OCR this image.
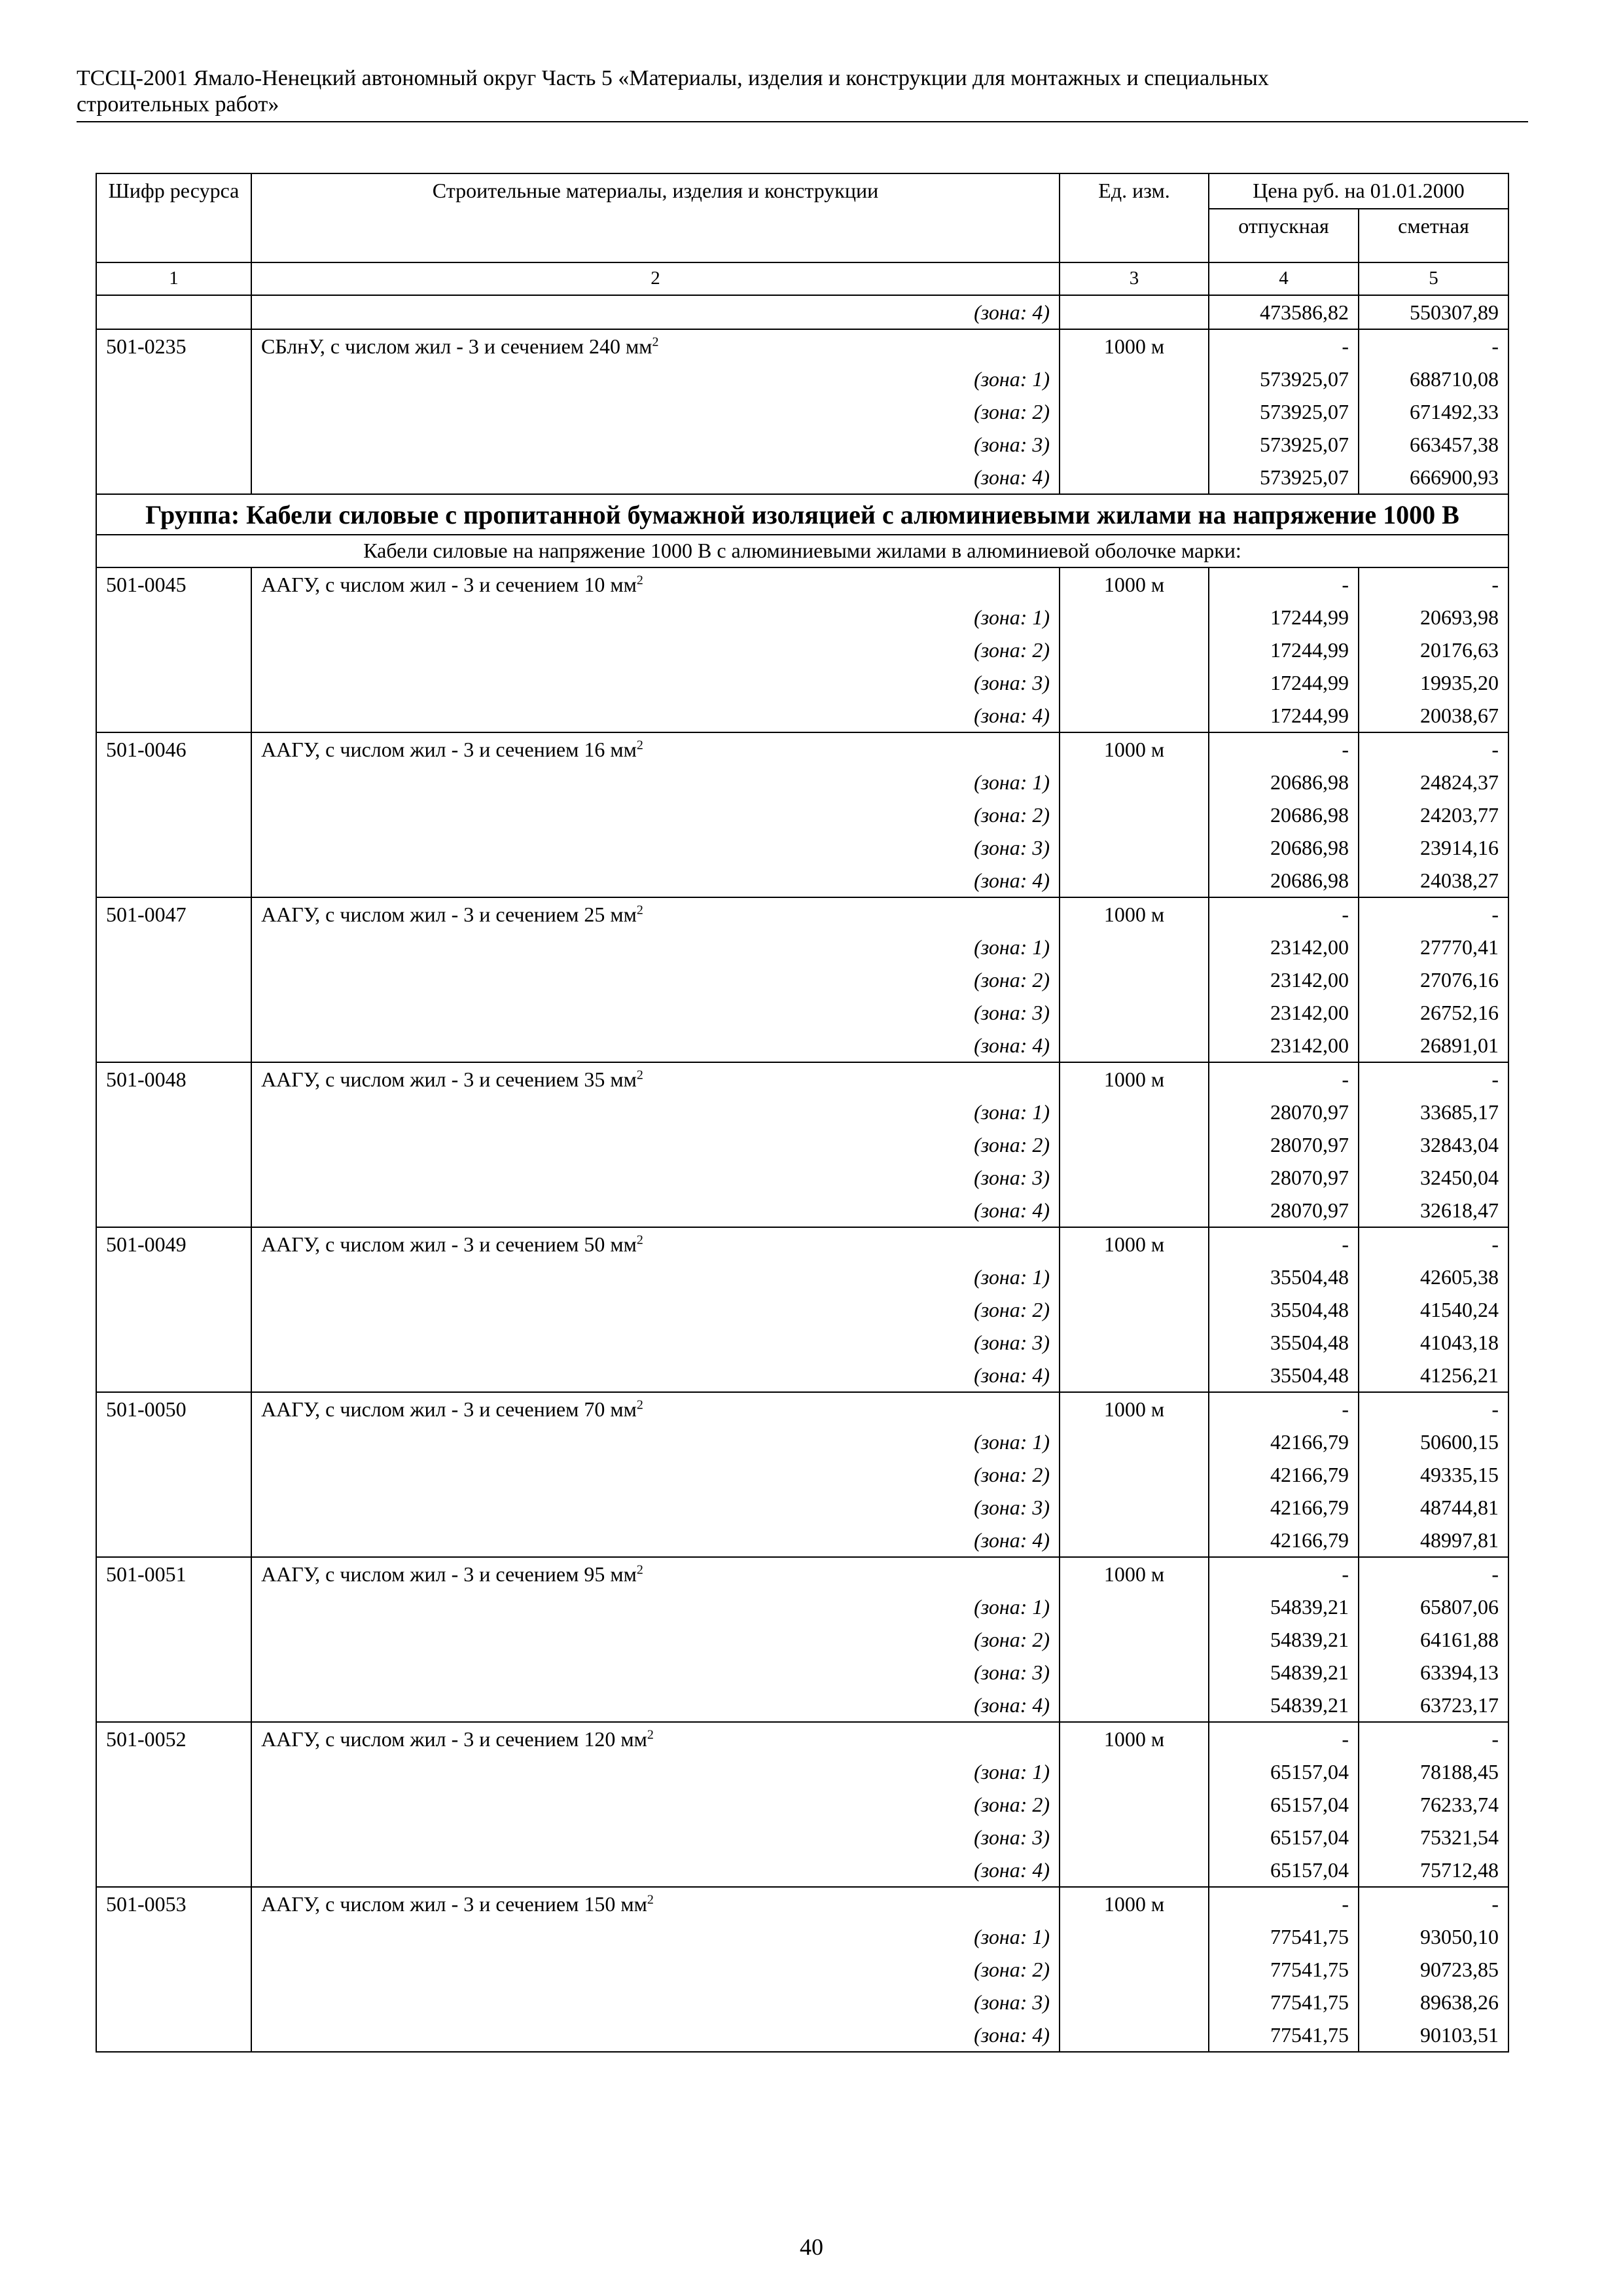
ТССЦ-2001 Ямало-Ненецкий автономный округ Часть 5 «Материалы, изделия и конструкции для монтажных и специальных
строительных работ»
Шифр ресурса	Строительные материалы, изделия и конструкции	Ед. изм.	Цена руб. на 01.01.2000	
			отпускная	сметная
1	2	3	4	5
	(зона: 4)		473586,82	550307,89
501-0235	СБлнУ, с числом жил - 3 и сечением 240 $мм^2$	1000 м	-	-
	(зона: 1)		573925,07	688710,08
	(зона: 2)		573925,07	671492,33
	(зона: 3)		573925,07	663457,38
	(зона: 4)		573925,07	666900,93
Группа: Кабели силовые с пропитанной бумажной изоляцией с алюминиевыми жилами на напряжение 1000 В				
Кабели силовые на напряжение 1000 В с алюминиевыми жилами в алюминиевой оболочке марки:				
501-0045	ААГУ, с числом жил - 3 и сечением 10 $мм^2$	1000 м	-	-
	(зона: 1)		17244,99	20693,98
	(зона: 2)		17244,99	20176,63
	(зона: 3)		17244,99	19935,20
	(зона: 4)		17244,99	20038,67
501-0046	ААГУ, с числом жил - 3 и сечением 16 $мм^2$	1000 м	-	-
	(зона: 1)		20686,98	24824,37
	(зона: 2)		20686,98	24203,77
	(зона: 3)		20686,98	23914,16
	(зона: 4)		20686,98	24038,27
501-0047	ААГУ, с числом жил - 3 и сечением 25 $мм^2$	1000 м	-	-
	(зона: 1)		23142,00	27770,41
	(зона: 2)		23142,00	27076,16
	(зона: 3)		23142,00	26752,16
	(зона: 4)		23142,00	26891,01
501-0048	ААГУ, с числом жил - 3 и сечением 35 $мм^2$	1000 м	-	-
	(зона: 1)		28070,97	33685,17
	(зона: 2)		28070,97	32843,04
	(зона: 3)		28070,97	32450,04
	(зона: 4)		28070,97	32618,47
501-0049	ААГУ, с числом жил - 3 и сечением 50 $мм^2$	1000 м	-	-
	(зона: 1)		35504,48	42605,38
	(зона: 2)		35504,48	41540,24
	(зона: 3)		35504,48	41043,18
	(зона: 4)		35504,48	41256,21
501-0050	ААГУ, с числом жил - 3 и сечением 70 $мм^2$	1000 м	-	-
	(зона: 1)		42166,79	50600,15
	(зона: 2)		42166,79	49335,15
	(зона: 3)		42166,79	48744,81
	(зона: 4)		42166,79	48997,81
501-0051	ААГУ, с числом жил - 3 и сечением 95 $мм^2$	1000 м	-	-
	(зона: 1)		54839,21	65807,06
	(зона: 2)		54839,21	64161,88
	(зона: 3)		54839,21	63394,13
	(зона: 4)		54839,21	63723,17
501-0052	ААГУ, с числом жил - 3 и сечением 120 $мм^2$	1000 м	-	-
	(зона: 1)		65157,04	78188,45
	(зона: 2)		65157,04	76233,74
	(зона: 3)		65157,04	75321,54
	(зона: 4)		65157,04	75712,48
501-0053	ААГУ, с числом жил - 3 и сечением 150 $мм^2$	1000 м	-	-
	(зона: 1)		77541,75	93050,10
	(зона: 2)		77541,75	90723,85
	(зона: 3)		77541,75	89638,26
	(зона: 4)		77541,75	90103,51
40
